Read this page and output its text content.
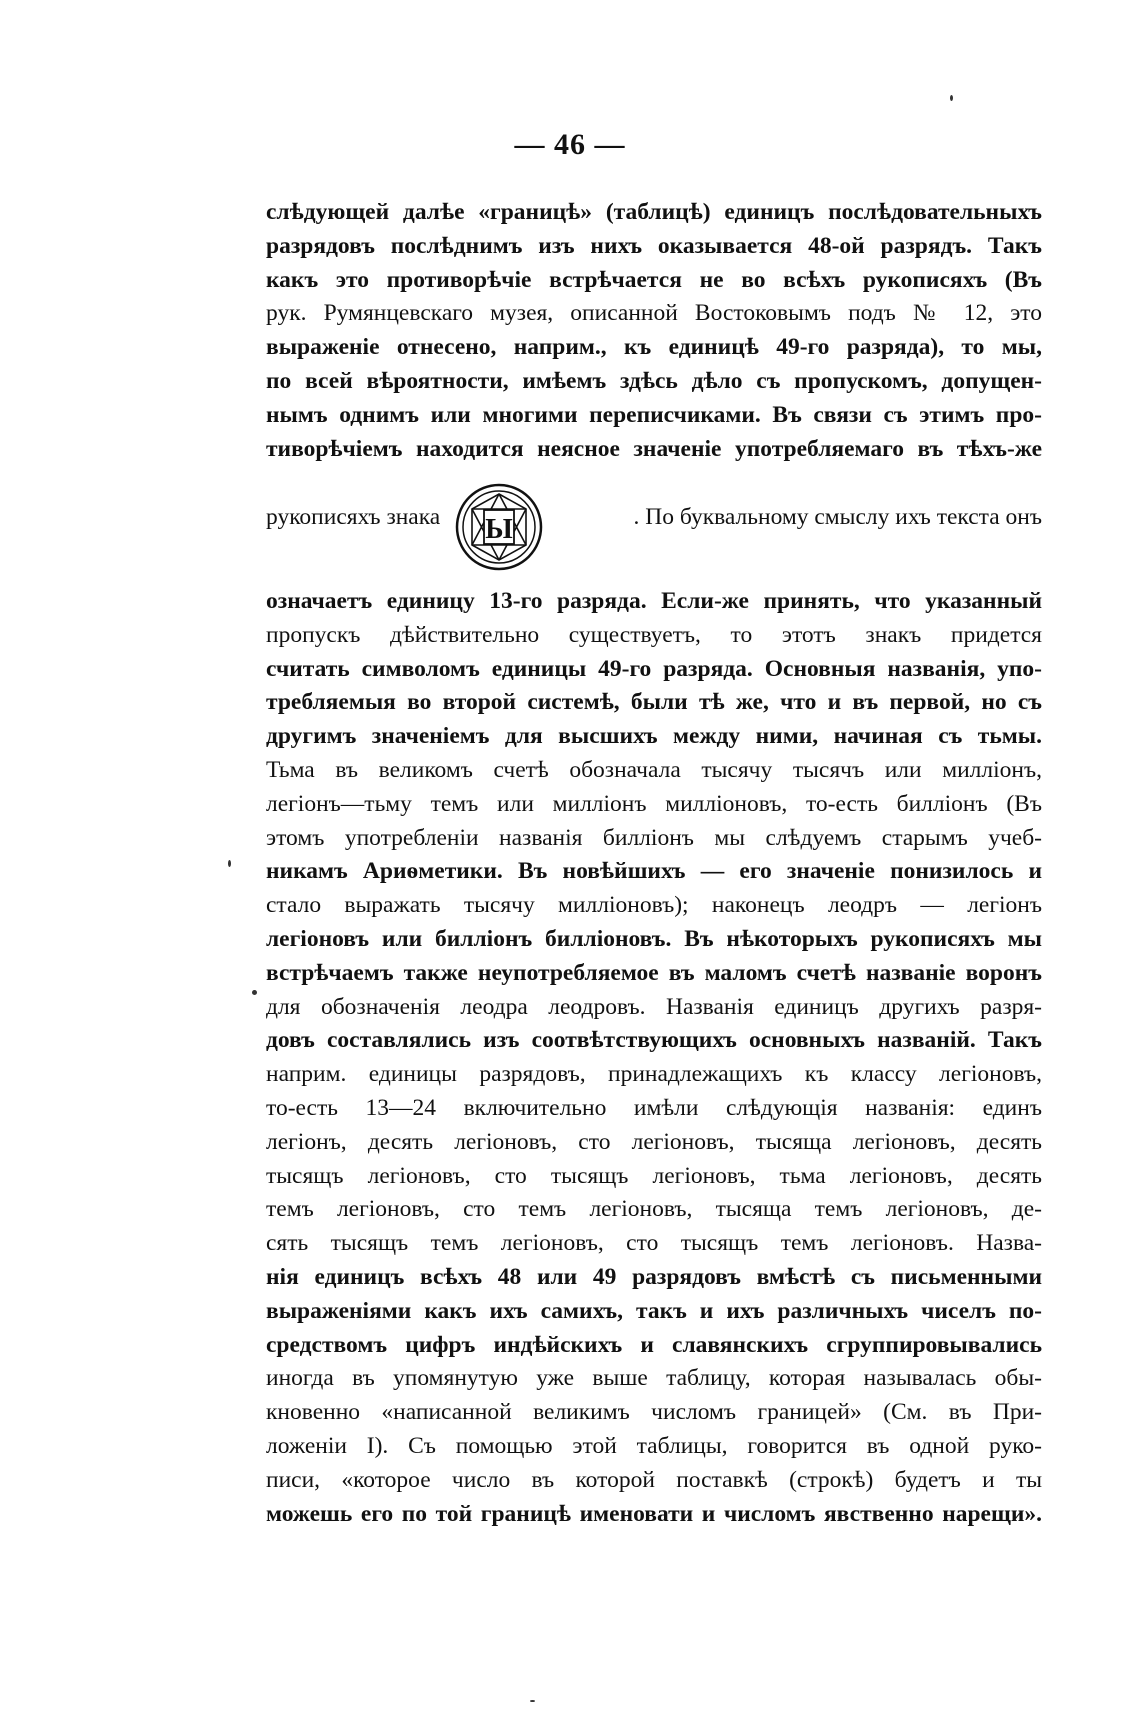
— 46 —
слѣдующей далѣе «границѣ» (таблицѣ) единицъ послѣдовательныхъ
разрядовъ послѣднимъ изъ нихъ оказывается 48-ой разрядъ. Такъ
какъ это противорѣчіе встрѣчается не во всѣхъ рукописяхъ (Въ
рук. Румянцевскаго музея, описанной Востоковымъ подъ № 12, это
выраженіе отнесено, наприм., къ единицѣ 49-го разряда), то мы,
по всей вѣроятности, имѣемъ здѣсь дѣло съ пропускомъ, допущен-
нымъ однимъ или многими переписчиками. Въ связи съ этимъ про-
тиворѣчіемъ находится неясное значеніе употребляемаго въ тѣхъ-же
рукописяхъ знака Ы	. По буквальному смыслу ихъ текста онъ
означаетъ единицу 13-го разряда. Если-же принять, что указанный
пропускъ дѣйствительно существуетъ, то этотъ знакъ придется
считать символомъ единицы 49-го разряда. Основныя названія, упо-
требляемыя во второй системѣ, были тѣ же, что и въ первой, но съ
другимъ значеніемъ для высшихъ между ними, начиная съ тьмы.
Тьма въ великомъ счетѣ обозначала тысячу тысячъ или милліонъ,
легіонъ—тьму темъ или милліонъ милліоновъ, то-есть билліонъ (Въ
этомъ употребленіи названія билліонъ мы слѣдуемъ старымъ учеб-
никамъ Ариѳметики. Въ новѣйшихъ — его значеніе понизилось и
стало выражать тысячу милліоновъ); наконецъ леодръ — легіонъ
легіоновъ или билліонъ билліоновъ. Въ нѣкоторыхъ рукописяхъ мы
встрѣчаемъ также неупотребляемое въ маломъ счетѣ названіе воронъ
для обозначенія леодра леодровъ. Названія единицъ другихъ разря-
довъ составлялись изъ соотвѣтствующихъ основныхъ названій. Такъ
наприм. единицы разрядовъ, принадлежащихъ къ классу легіоновъ,
то-есть 13—24 включительно имѣли слѣдующія названія: единъ
легіонъ, десять легіоновъ, сто легіоновъ, тысяща легіоновъ, десять
тысящъ легіоновъ, сто тысящъ легіоновъ, тьма легіоновъ, десять
темъ легіоновъ, сто темъ легіоновъ, тысяща темъ легіоновъ, де-
сять тысящъ темъ легіоновъ, сто тысящъ темъ легіоновъ. Назва-
нія единицъ всѣхъ 48 или 49 разрядовъ вмѣстѣ съ письменными
выраженіями какъ ихъ самихъ, такъ и ихъ различныхъ чиселъ по-
средствомъ цифръ индѣйскихъ и славянскихъ сгруппировывались
иногда въ упомянутую уже выше таблицу, которая называлась обы-
кновенно «написанной великимъ числомъ границей» (См. въ При-
ложеніи I). Съ помощью этой таблицы, говорится въ одной руко-
писи, «которое число въ которой поставкѣ (строкѣ) будетъ и ты
можешь его по той границѣ именовати и числомъ явственно нарещи».
